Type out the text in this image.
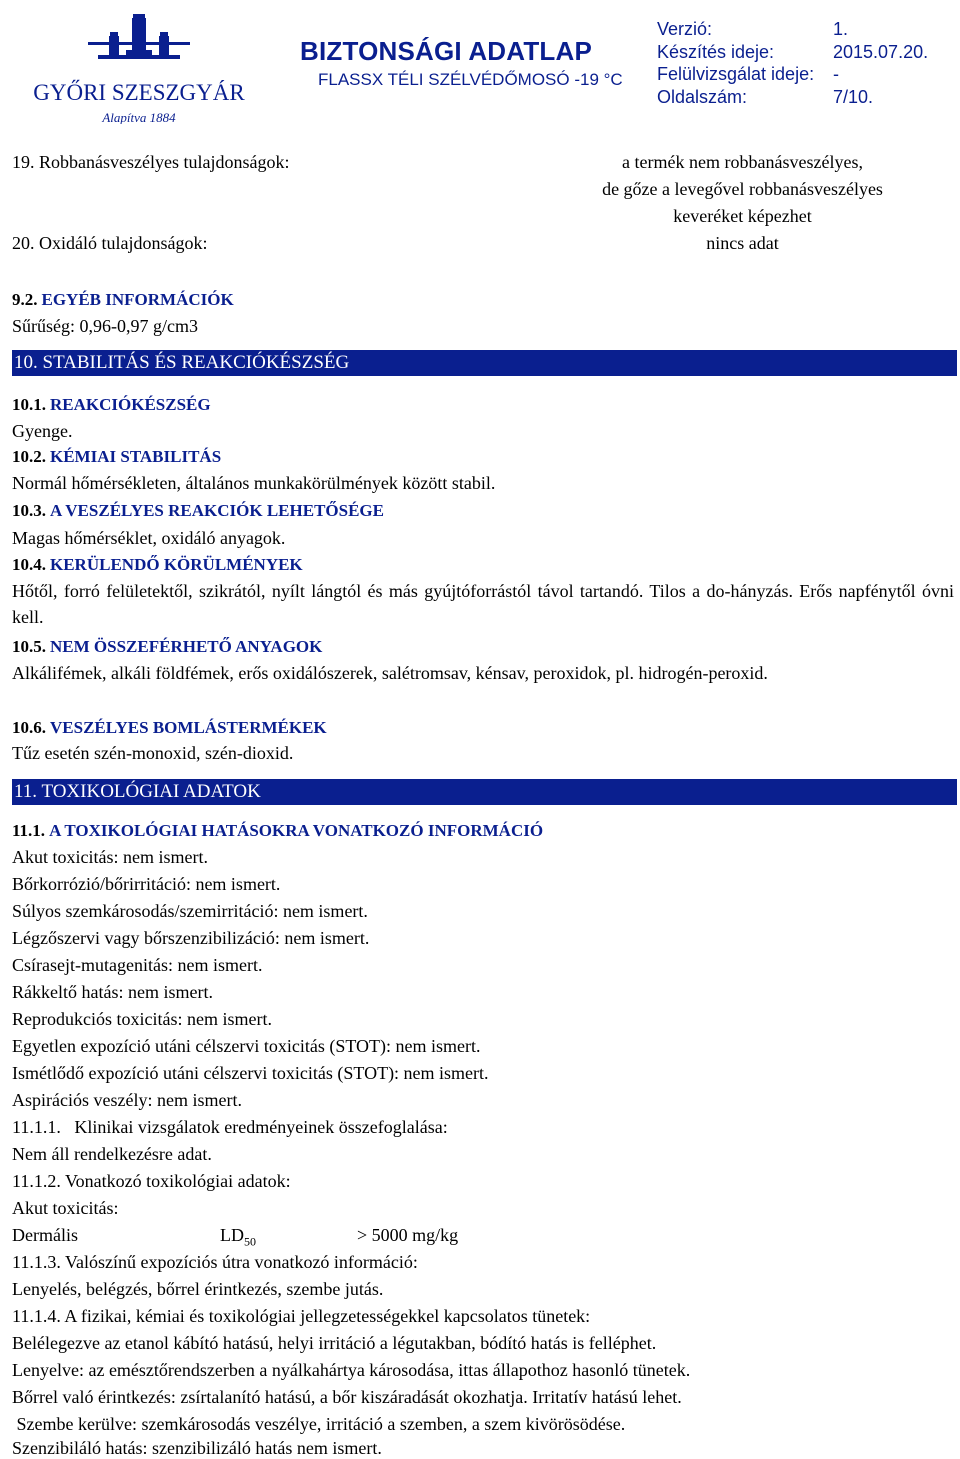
GYŐRI SZESZGYÁR
Alapítva 1884
BIZTONSÁGI ADATLAP
FLASSX TÉLI SZÉLVÉDŐMOSÓ -19 °C
Verzió:	1.
Készítés ideje:	2015.07.20.
Felülvizsgálat ideje:	-
Oldalszám:	7/10.
19. Robbanásveszélyes tulajdonságok:	a termék nem robbanásveszélyes,
de gőze a levegővel robbanásveszélyes
keveréket képezhet
20. Oxidáló tulajdonságok:	nincs adat
9.2. EGYÉB INFORMÁCIÓK
Sűrűség: 0,96-0,97 g/cm3
10. STABILITÁS ÉS REAKCIÓKÉSZSÉG
10.1. REAKCIÓKÉSZSÉG
Gyenge.
10.2. KÉMIAI STABILITÁS
Normál hőmérsékleten, általános munkakörülmények között stabil.
10.3. A VESZÉLYES REAKCIÓK LEHETŐSÉGE
Magas hőmérséklet, oxidáló anyagok.
10.4. KERÜLENDŐ KÖRÜLMÉNYEK
Hőtől, forró felületektől, szikrától, nyílt lángtól és más gyújtóforrástól távol tartandó. Tilos a do-hányzás. Erős napfénytől óvni kell.
10.5. NEM ÖSSZEFÉRHETŐ ANYAGOK
Alkálifémek, alkáli földfémek, erős oxidálószerek, salétromsav, kénsav, peroxidok, pl. hidrogén-peroxid.
10.6. VESZÉLYES BOMLÁSTERMÉKEK
Tűz esetén szén-monoxid, szén-dioxid.
11. TOXIKOLÓGIAI ADATOK
11.1. A TOXIKOLÓGIAI HATÁSOKRA VONATKOZÓ INFORMÁCIÓ
Akut toxicitás: nem ismert.
Bőrkorrózió/bőrirritáció: nem ismert.
Súlyos szemkárosodás/szemirritáció: nem ismert.
Légzőszervi vagy bőrszenzibilizáció: nem ismert.
Csírasejt-mutagenitás: nem ismert.
Rákkeltő hatás: nem ismert.
Reprodukciós toxicitás: nem ismert.
Egyetlen expozíció utáni célszervi toxicitás (STOT): nem ismert.
Ismétlődő expozíció utáni célszervi toxicitás (STOT): nem ismert.
Aspirációs veszély: nem ismert.
11.1.1.   Klinikai vizsgálatok eredményeinek összefoglalása:
Nem áll rendelkezésre adat.
11.1.2. Vonatkozó toxikológiai adatok:
Akut toxicitás:
Dermális	$LD_{50}$	> 5000 mg/kg
11.1.3. Valószínű expozíciós útra vonatkozó információ:
Lenyelés, belégzés, bőrrel érintkezés, szembe jutás.
11.1.4. A fizikai, kémiai és toxikológiai jellegzetességekkel kapcsolatos tünetek:
Belélegezve az etanol kábító hatású, helyi irritáció a légutakban, bódító hatás is felléphet.
Lenyelve: az emésztőrendszerben a nyálkahártya károsodása, ittas állapothoz hasonló tünetek.
Bőrrel való érintkezés: zsírtalanító hatású, a bőr kiszáradását okozhatja. Irritatív hatású lehet.
Szembe kerülve: szemkárosodás veszélye, irritáció a szemben, a szem kivörösödése.
Szenzibiláló hatás: szenzibilizáló hatás nem ismert.
